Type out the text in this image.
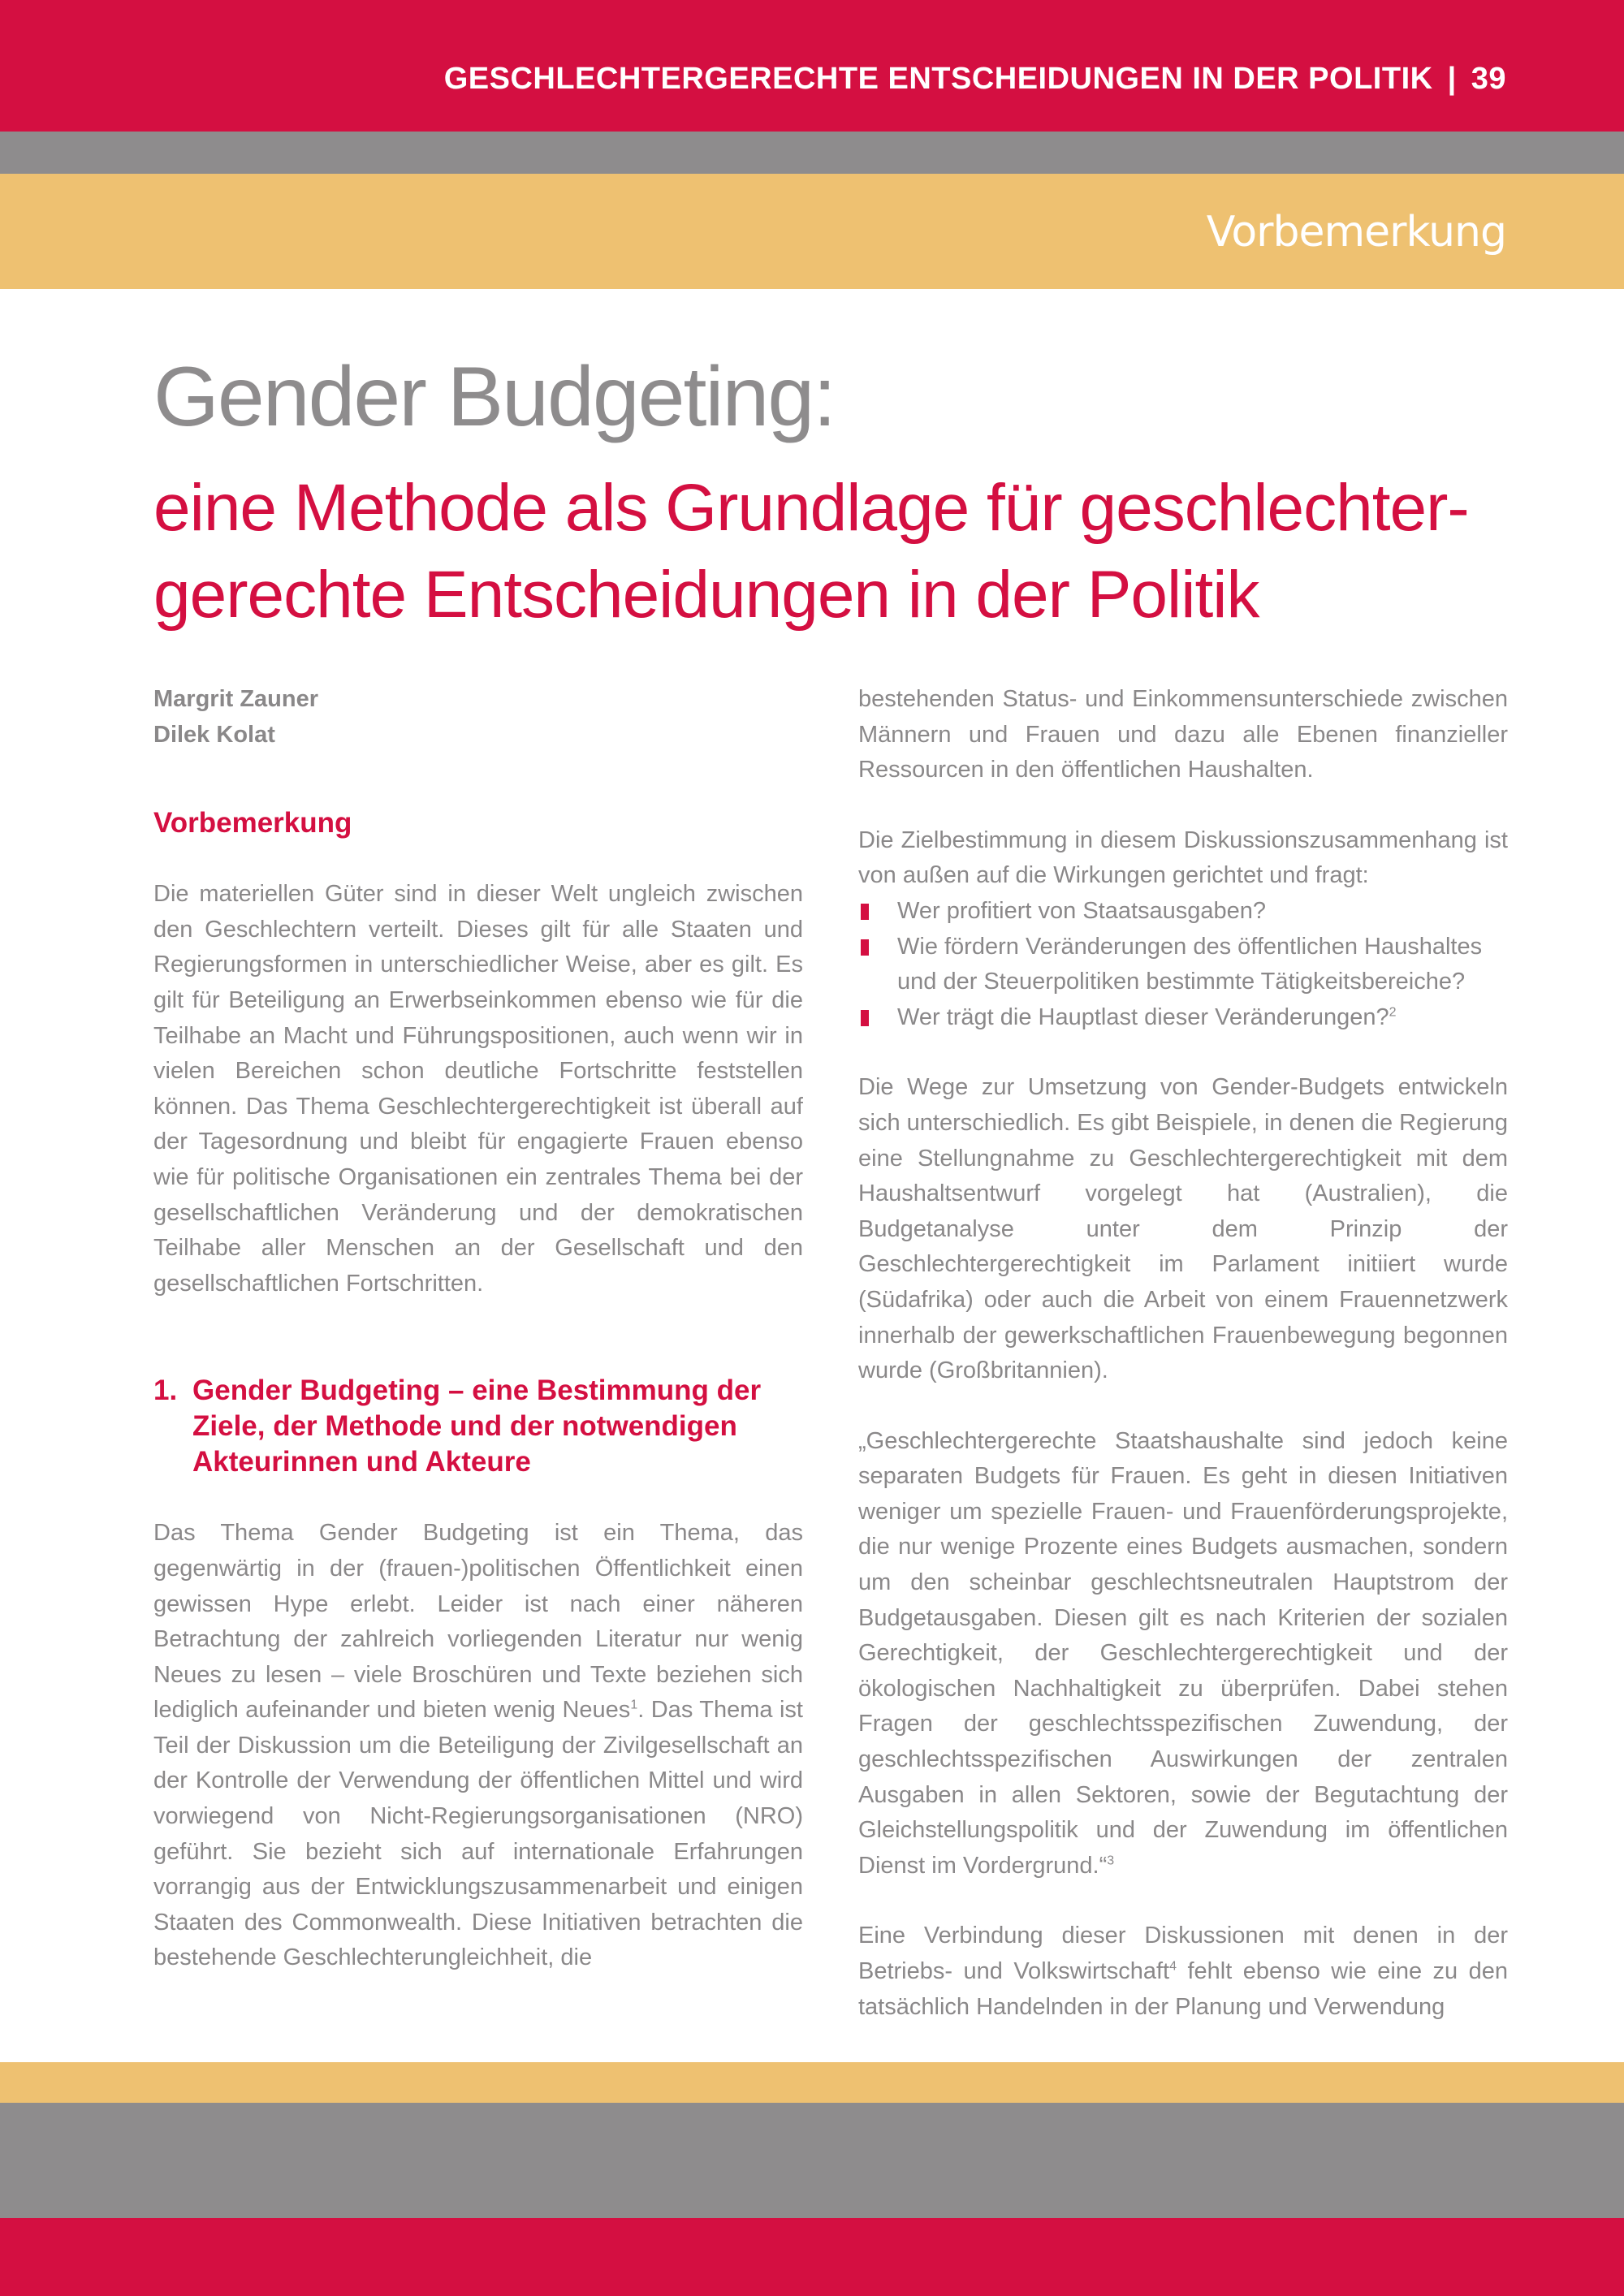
GESCHLECHTERGERECHTE ENTSCHEIDUNGEN IN DER POLITIK | 39
Vorbemerkung
Gender Budgeting:
eine Methode als Grundlage für geschlechter-gerechte Entscheidungen in der Politik
Margrit Zauner
Dilek Kolat
Vorbemerkung

Die materiellen Güter sind in dieser Welt ungleich zwischen den Geschlechtern verteilt. Dieses gilt für alle Staaten und Regierungsformen in unterschiedlicher Weise, aber es gilt. Es gilt für Beteiligung an Erwerbseinkommen ebenso wie für die Teilhabe an Macht und Führungspositionen, auch wenn wir in vielen Bereichen schon deutliche Fortschritte feststellen können. Das Thema Geschlechtergerechtigkeit ist überall auf der Tagesordnung und bleibt für engagierte Frauen ebenso wie für politische Organisationen ein zentrales Thema bei der gesellschaftlichen Veränderung und der demokratischen Teilhabe aller Menschen an der Gesellschaft und den gesellschaftlichen Fortschritten.

1. Gender Budgeting – eine Bestimmung der Ziele, der Methode und der notwendigen Akteurinnen und Akteure

Das Thema Gender Budgeting ist ein Thema, das gegenwärtig in der (frauen-)politischen Öffentlichkeit einen gewissen Hype erlebt. Leider ist nach einer näheren Betrachtung der zahlreich vorliegenden Literatur nur wenig Neues zu lesen – viele Broschüren und Texte beziehen sich lediglich aufeinander und bieten wenig Neues$^1$. Das Thema ist Teil der Diskussion um die Beteiligung der Zivilgesellschaft an der Kontrolle der Verwendung der öffentlichen Mittel und wird vorwiegend von Nicht-Regierungsorganisationen (NRO) geführt. Sie bezieht sich auf internationale Erfahrungen vorrangig aus der Entwicklungszusammenarbeit und einigen Staaten des Commonwealth. Diese Initiativen betrachten die bestehende Geschlechterungleichheit, die

bestehenden Status- und Einkommensunterschiede zwischen Männern und Frauen und dazu alle Ebenen finanzieller Ressourcen in den öffentlichen Haushalten.

Die Zielbestimmung in diesem Diskussionszusammenhang ist von außen auf die Wirkungen gerichtet und fragt:

Wer profitiert von Staatsausgaben?
Wie fördern Veränderungen des öffentlichen Haushaltes und der Steuerpolitiken bestimmte Tätigkeitsbereiche?
Wer trägt die Hauptlast dieser Veränderungen?$^2$

Die Wege zur Umsetzung von Gender-Budgets entwickeln sich unterschiedlich. Es gibt Beispiele, in denen die Regierung eine Stellungnahme zu Geschlechtergerechtigkeit mit dem Haushaltsentwurf vorgelegt hat (Australien), die Budgetanalyse unter dem Prinzip der Geschlechtergerechtigkeit im Parlament initiiert wurde (Südafrika) oder auch die Arbeit von einem Frauennetzwerk innerhalb der gewerkschaftlichen Frauenbewegung begonnen wurde (Großbritannien).

„Geschlechtergerechte Staatshaushalte sind jedoch keine separaten Budgets für Frauen. Es geht in diesen Initiativen weniger um spezielle Frauen- und Frauenförderungsprojekte, die nur wenige Prozente eines Budgets ausmachen, sondern um den scheinbar geschlechtsneutralen Hauptstrom der Budgetausgaben. Diesen gilt es nach Kriterien der sozialen Gerechtigkeit, der Geschlechtergerechtigkeit und der ökologischen Nachhaltigkeit zu überprüfen. Dabei stehen Fragen der geschlechtsspezifischen Zuwendung, der geschlechtsspezifischen Auswirkungen der zentralen Ausgaben in allen Sektoren, sowie der Begutachtung der Gleichstellungspolitik und der Zuwendung im öffentlichen Dienst im Vordergrund.“$^3$

Eine Verbindung dieser Diskussionen mit denen in der Betriebs- und Volkswirtschaft$^4$ fehlt ebenso wie eine zu den tatsächlich Handelnden in der Planung und Verwendung
